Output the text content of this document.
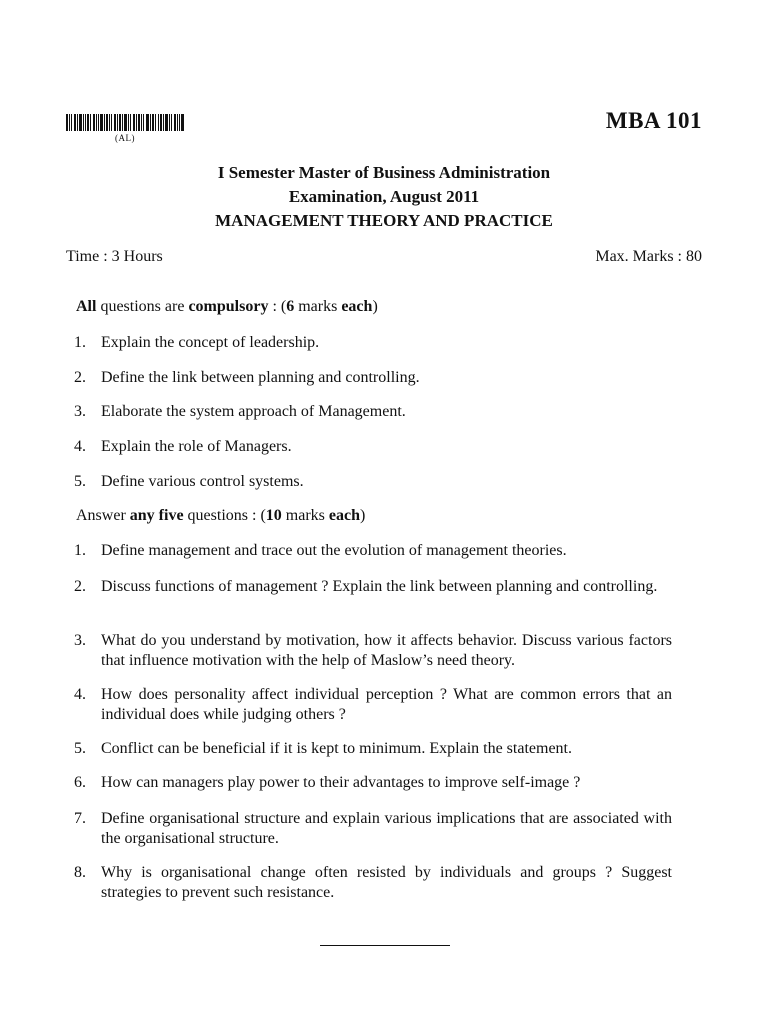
(AL)
MBA 101
I Semester Master of Business Administration
Examination, August 2011
MANAGEMENT THEORY AND PRACTICE
Time : 3 Hours	Max. Marks : 80
All questions are compulsory : (6 marks each)
1. Explain the concept of leadership.
2. Define the link between planning and controlling.
3. Elaborate the system approach of Management.
4. Explain the role of Managers.
5. Define various control systems.
Answer any five questions : (10 marks each)
1. Define management and trace out the evolution of management theories.
2. Discuss functions of management ? Explain the link between planning and controlling.
3. What do you understand by motivation, how it affects behavior. Discuss various factors that influence motivation with the help of Maslow’s need theory.
4. How does personality affect individual perception ? What are common errors that an individual does while judging others ?
5. Conflict can be beneficial if it is kept to minimum. Explain the statement.
6. How can managers play power to their advantages to improve self-image ?
7. Define organisational structure and explain various implications that are associated with the organisational structure.
8. Why is organisational change often resisted by individuals and groups ? Suggest strategies to prevent such resistance.
